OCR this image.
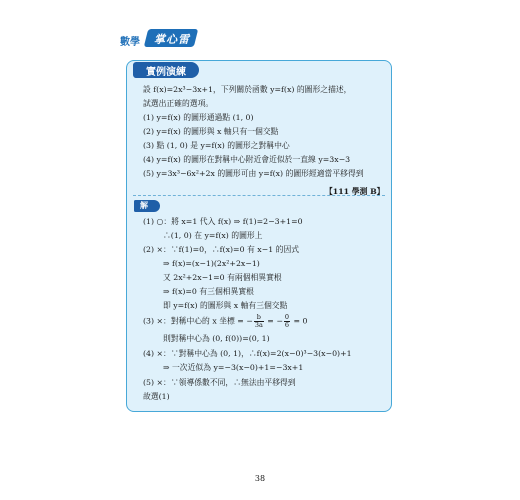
數學	掌心雷
實例演練
設 f(x)=2x³−3x+1，下列關於函數 y=f(x) 的圖形之描述，
試選出正確的選項。
(1) y=f(x) 的圖形通過點 (1, 0)
(2) y=f(x) 的圖形與 x 軸只有一個交點
(3) 點 (1, 0) 是 y=f(x) 的圖形之對稱中心
(4) y=f(x) 的圖形在對稱中心附近會近似於一直線 y=3x−3
(5) y=3x³−6x²+2x 的圖形可由 y=f(x) 的圖形經適當平移得到
【111 學測 B】
解
(1) ○：將 x=1 代入 f(x) ⇒ f(1)=2−3+1=0
∴(1, 0) 在 y=f(x) 的圖形上
(2) ×：∵f(1)=0，∴f(x)=0 有 x−1 的因式
⇒ f(x)=(x−1)(2x²+2x−1)
又 2x²+2x−1=0 有兩個相異實根
⇒ f(x)=0 有三個相異實根
即 y=f(x) 的圖形與 x 軸有三個交點
(3) ×：對稱中心的 x 坐標 = − $\frac{b}{3a}$ = − $\frac{0}{6} = 0$
則對稱中心為 (0, f(0))=(0, 1)
(4) ×：∵對稱中心為 (0, 1)，∴f(x)=2(x−0)³−3(x−0)+1
⇒ 一次近似為 y=−3(x−0)+1=−3x+1
(5) ×：∵領導係數不同，∴無法由平移得到
故選(1)
38
